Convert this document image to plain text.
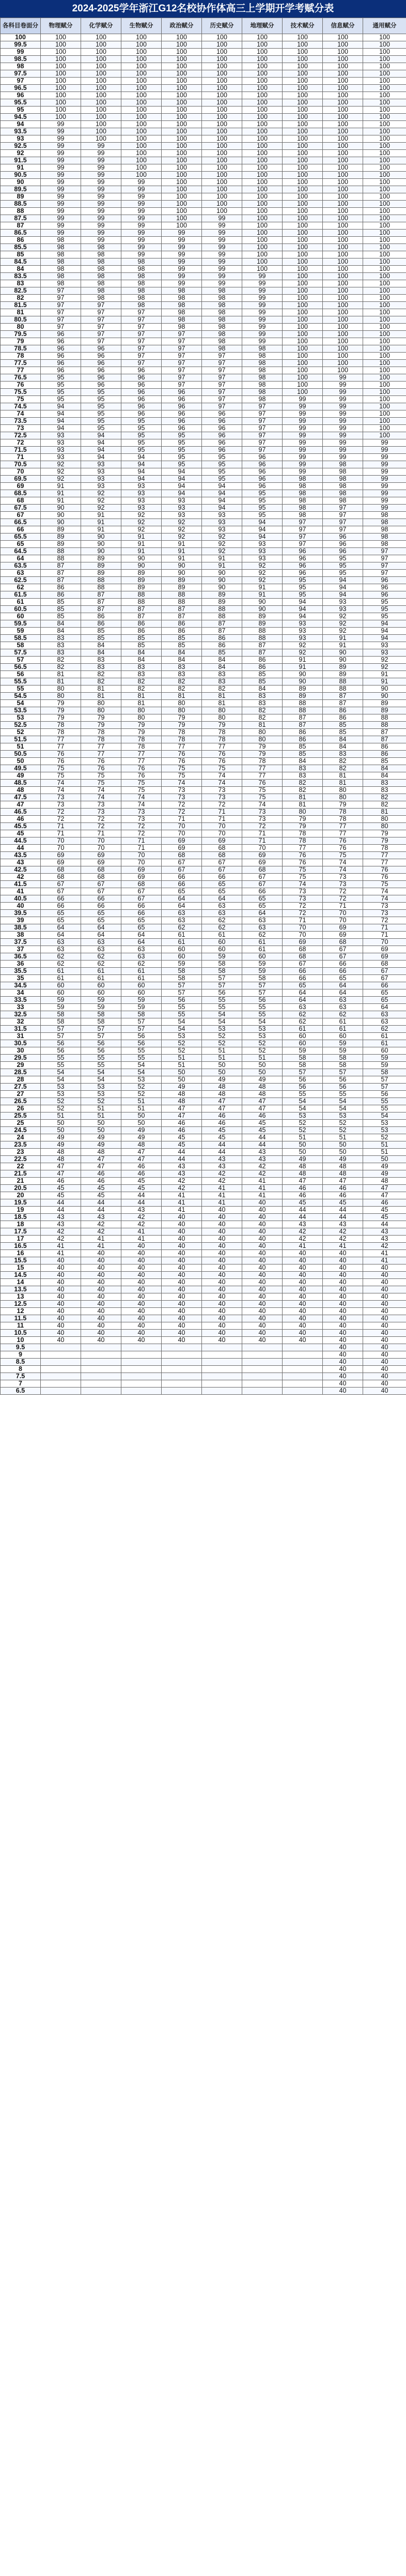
2024-2025学年浙江G12名校协作体高三上学期开学考赋分表
各科目卷面分	物理赋分	化学赋分	生物赋分	政治赋分	历史赋分	地理赋分	技术赋分	信息赋分	通用赋分
100	100	100	100	100	100	100	100	100	100
99.5	100	100	100	100	100	100	100	100	100
99	100	100	100	100	100	100	100	100	100
98.5	100	100	100	100	100	100	100	100	100
98	100	100	100	100	100	100	100	100	100
97.5	100	100	100	100	100	100	100	100	100
97	100	100	100	100	100	100	100	100	100
96.5	100	100	100	100	100	100	100	100	100
96	100	100	100	100	100	100	100	100	100
95.5	100	100	100	100	100	100	100	100	100
95	100	100	100	100	100	100	100	100	100
94.5	100	100	100	100	100	100	100	100	100
94	99	100	100	100	100	100	100	100	100
93.5	99	100	100	100	100	100	100	100	100
93	99	100	100	100	100	100	100	100	100
92.5	99	99	100	100	100	100	100	100	100
92	99	99	100	100	100	100	100	100	100
91.5	99	99	100	100	100	100	100	100	100
91	99	99	100	100	100	100	100	100	100
90.5	99	99	100	100	100	100	100	100	100
90	99	99	99	100	100	100	100	100	100
89.5	99	99	99	100	100	100	100	100	100
89	99	99	99	100	100	100	100	100	100
88.5	99	99	99	100	100	100	100	100	100
88	99	99	99	100	100	100	100	100	100
87.5	99	99	99	100	99	100	100	100	100
87	99	99	99	100	99	100	100	100	100
86.5	99	99	99	99	99	100	100	100	100
86	98	99	99	99	99	100	100	100	100
85.5	98	98	99	99	99	100	100	100	100
85	98	98	99	99	99	100	100	100	100
84.5	98	98	98	99	99	100	100	100	100
84	98	98	98	99	99	100	100	100	100
83.5	98	98	98	99	99	99	100	100	100
83	98	98	98	99	99	99	100	100	100
82.5	97	98	98	98	98	99	100	100	100
82	97	98	98	98	98	99	100	100	100
81.5	97	97	98	98	98	99	100	100	100
81	97	97	97	98	98	99	100	100	100
80.5	97	97	97	98	98	99	100	100	100
80	97	97	97	98	98	99	100	100	100
79.5	96	97	97	97	98	99	100	100	100
79	96	97	97	97	98	99	100	100	100
78.5	96	96	97	97	98	98	100	100	100
78	96	96	97	97	97	98	100	100	100
77.5	96	96	97	97	97	98	100	100	100
77	96	96	96	97	97	98	100	100	100
76.5	95	96	96	97	97	98	100	99	100
76	95	96	96	97	97	98	100	99	100
75.5	95	95	96	96	97	98	100	99	100
75	95	95	96	96	97	98	99	99	100
74.5	94	95	96	96	97	97	99	99	100
74	94	95	96	96	96	97	99	99	100
73.5	94	95	95	96	96	97	99	99	100
73	94	95	95	96	96	97	99	99	100
72.5	93	94	95	95	96	97	99	99	100
72	93	94	95	95	96	97	99	99	99
71.5	93	94	95	95	96	97	99	99	99
71	93	94	94	95	95	96	99	99	99
70.5	92	93	94	95	95	96	99	98	99
70	92	93	94	94	95	96	99	98	99
69.5	92	93	94	94	95	96	98	98	99
69	91	93	93	94	94	96	98	98	99
68.5	91	92	93	94	94	95	98	98	99
68	91	92	93	93	94	95	98	98	99
67.5	90	92	93	93	94	95	98	97	99
67	90	91	92	93	93	95	98	97	98
66.5	90	91	92	92	93	94	97	97	98
66	89	91	92	92	93	94	97	97	98
65.5	89	90	91	92	92	94	97	96	98
65	89	90	91	91	92	93	97	96	98
64.5	88	90	91	91	92	93	96	96	97
64	88	89	90	91	91	93	96	95	97
63.5	87	89	90	90	91	92	96	95	97
63	87	89	89	90	90	92	96	95	97
62.5	87	88	89	89	90	92	95	94	96
62	86	88	89	89	90	91	95	94	96
61.5	86	87	88	88	89	91	95	94	96
61	85	87	88	88	89	90	94	93	95
60.5	85	87	87	87	88	90	94	93	95
60	85	86	87	87	88	89	94	92	95
59.5	84	86	86	86	87	89	93	92	94
59	84	85	86	86	87	88	93	92	94
58.5	83	85	85	85	86	88	93	91	94
58	83	84	85	85	86	87	92	91	93
57.5	83	84	84	84	85	87	92	90	93
57	82	83	84	84	84	86	91	90	92
56.5	82	83	83	83	84	86	91	89	92
56	81	82	83	83	83	85	90	89	91
55.5	81	82	82	82	83	85	90	88	91
55	80	81	82	82	82	84	89	88	90
54.5	80	81	81	81	81	83	89	87	90
54	79	80	81	80	81	83	88	87	89
53.5	79	80	80	80	80	82	88	86	89
53	79	79	80	79	80	82	87	86	88
52.5	78	79	79	79	79	81	87	85	88
52	78	78	79	78	78	80	86	85	87
51.5	77	78	78	78	78	80	86	84	87
51	77	77	78	77	77	79	85	84	86
50.5	76	77	77	76	76	79	85	83	86
50	76	76	77	76	76	78	84	82	85
49.5	75	76	76	75	75	77	83	82	84
49	75	75	76	75	74	77	83	81	84
48.5	74	75	75	74	74	76	82	81	83
48	74	74	75	73	73	75	82	80	83
47.5	73	74	74	73	73	75	81	80	82
47	73	73	74	72	72	74	81	79	82
46.5	72	73	73	72	71	73	80	78	81
46	72	72	73	71	71	73	79	78	80
45.5	71	72	72	70	70	72	79	77	80
45	71	71	72	70	70	71	78	77	79
44.5	70	70	71	69	69	71	78	76	79
44	70	70	71	69	68	70	77	76	78
43.5	69	69	70	68	68	69	76	75	77
43	69	69	70	67	67	69	76	74	77
42.5	68	68	69	67	67	68	75	74	76
42	68	68	69	66	66	67	75	73	76
41.5	67	67	68	66	65	67	74	73	75
41	67	67	67	65	65	66	73	72	74
40.5	66	66	67	64	64	65	73	72	74
40	66	66	66	64	63	65	72	71	73
39.5	65	65	66	63	63	64	72	70	73
39	65	65	65	63	62	63	71	70	72
38.5	64	64	65	62	62	63	70	69	71
38	64	64	64	61	61	62	70	69	71
37.5	63	63	64	61	60	61	69	68	70
37	63	63	63	60	60	61	68	67	69
36.5	62	62	63	60	59	60	68	67	69
36	62	62	62	59	58	59	67	66	68
35.5	61	61	61	58	58	59	66	66	67
35	61	61	61	58	57	58	66	65	67
34.5	60	60	60	57	57	57	65	64	66
34	60	60	60	57	56	57	64	64	65
33.5	59	59	59	56	55	56	64	63	65
33	59	59	59	55	55	55	63	63	64
32.5	58	58	58	55	54	55	62	62	63
32	58	58	57	54	54	54	62	61	63
31.5	57	57	57	54	53	53	61	61	62
31	57	57	56	53	52	53	60	60	61
30.5	56	56	56	52	52	52	60	59	61
30	56	56	55	52	51	52	59	59	60
29.5	55	55	55	51	51	51	58	58	59
29	55	55	54	51	50	50	58	58	59
28.5	54	54	54	50	50	50	57	57	58
28	54	54	53	50	49	49	56	56	57
27.5	53	53	52	49	48	48	56	56	57
27	53	53	52	48	48	48	55	55	56
26.5	52	52	51	48	47	47	54	54	55
26	52	51	51	47	47	47	54	54	55
25.5	51	51	50	47	46	46	53	53	54
25	50	50	50	46	46	45	52	52	53
24.5	50	50	49	46	45	45	52	52	53
24	49	49	49	45	45	44	51	51	52
23.5	49	49	48	45	44	44	50	50	51
23	48	48	47	44	44	43	50	50	51
22.5	48	47	47	44	43	43	49	49	50
22	47	47	46	43	43	42	48	48	49
21.5	47	46	46	43	42	42	48	48	49
21	46	46	45	42	42	41	47	47	48
20.5	45	45	45	42	41	41	46	46	47
20	45	45	44	41	41	41	46	46	47
19.5	44	44	44	41	41	40	45	45	46
19	44	44	43	41	40	40	44	44	45
18.5	43	43	42	40	40	40	44	44	45
18	43	42	42	40	40	40	43	43	44
17.5	42	42	41	40	40	40	42	42	43
17	42	41	41	40	40	40	42	42	43
16.5	41	41	40	40	40	40	41	41	42
16	41	40	40	40	40	40	40	40	41
15.5	40	40	40	40	40	40	40	40	41
15	40	40	40	40	40	40	40	40	40
14.5	40	40	40	40	40	40	40	40	40
14	40	40	40	40	40	40	40	40	40
13.5	40	40	40	40	40	40	40	40	40
13	40	40	40	40	40	40	40	40	40
12.5	40	40	40	40	40	40	40	40	40
12	40	40	40	40	40	40	40	40	40
11.5	40	40	40	40	40	40	40	40	40
11	40	40	40	40	40	40	40	40	40
10.5	40	40	40	40	40	40	40	40	40
10	40	40	40	40	40	40	40	40	40
9.5								40	40
9								40	40
8.5								40	40
8								40	40
7.5								40	40
7								40	40
6.5								40	40
